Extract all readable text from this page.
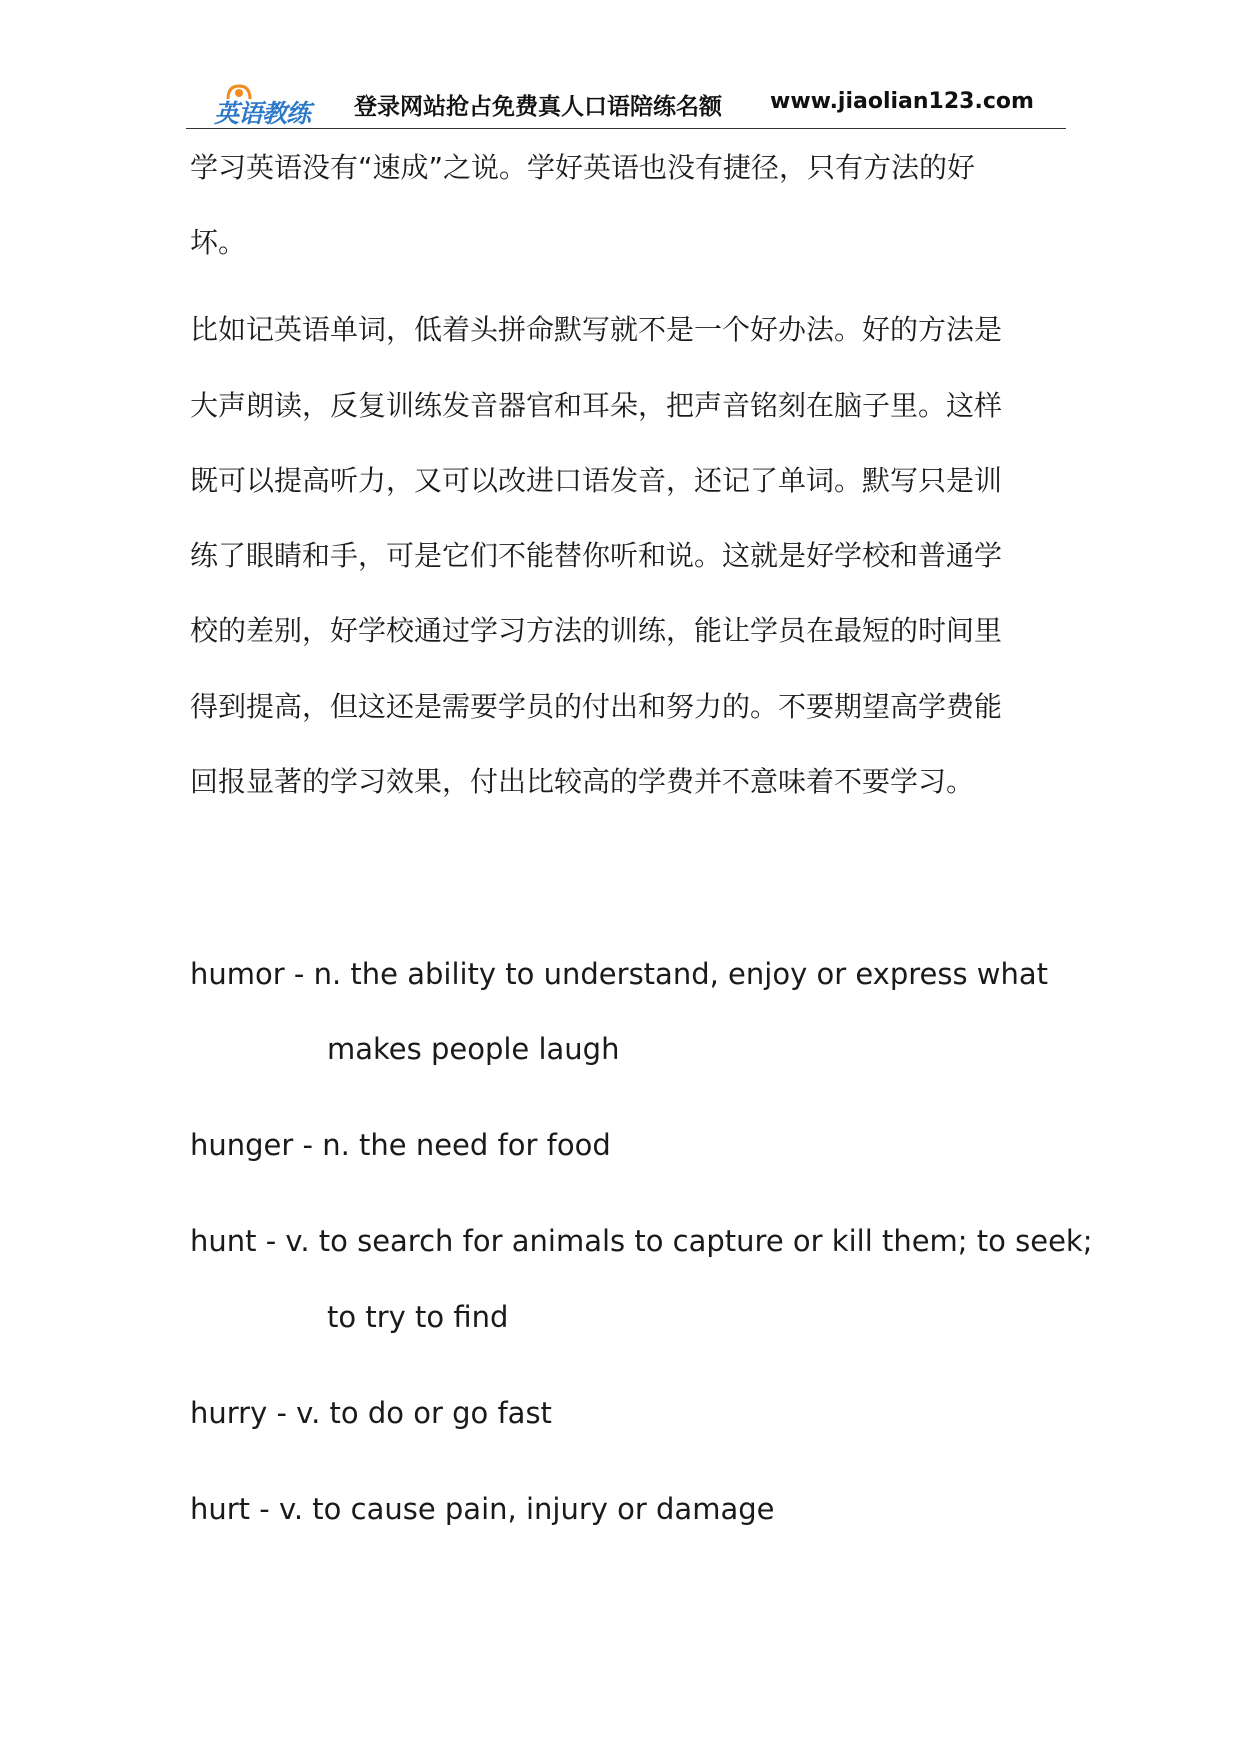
英语教练 登录网站抢占免费真人口语陪练名额 www.jiaolian123.com
学习英语没有“速成”之说。学好英语也没有捷径，只有方法的好
坏。
比如记英语单词，低着头拼命默写就不是一个好办法。好的方法是
大声朗读，反复训练发音器官和耳朵，把声音铭刻在脑子里。这样
既可以提高听力，又可以改进口语发音，还记了单词。默写只是训
练了眼睛和手，可是它们不能替你听和说。这就是好学校和普通学
校的差别，好学校通过学习方法的训练，能让学员在最短的时间里
得到提高，但这还是需要学员的付出和努力的。不要期望高学费能
回报显著的学习效果，付出比较高的学费并不意味着不要学习。
humor - n. the ability to understand, enjoy or express what
makes people laugh
hunger - n. the need for food
hunt - v. to search for animals to capture or kill them; to seek;
to try to find
hurry - v. to do or go fast
hurt - v. to cause pain, injury or damage
